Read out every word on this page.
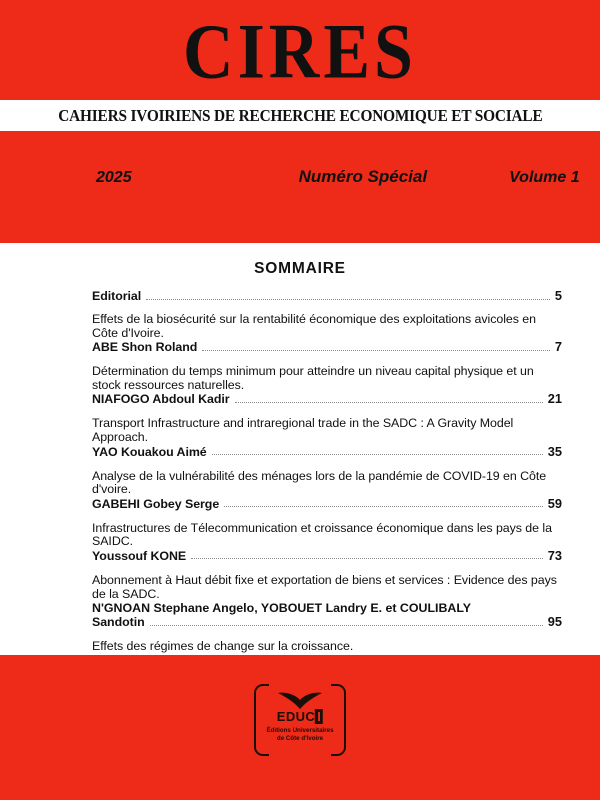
CIRES
CAHIERS IVOIRIENS DE RECHERCHE ECONOMIQUE ET SOCIALE
2025	Numéro Spécial	Volume 1
SOMMAIRE
Editorial	5
Effets de la biosécurité sur la rentabilité économique des exploitations avicoles en Côte d'Ivoire.
ABE Shon Roland	7
Détermination du temps minimum pour atteindre un niveau capital physique et un stock ressources naturelles.
NIAFOGO Abdoul Kadir	21
Transport Infrastructure and intraregional trade in the SADC : A Gravity Model Approach.
YAO Kouakou Aimé	35
Analyse de la vulnérabilité des ménages lors de la pandémie de COVID-19 en Côte d'voire.
GABEHI Gobey Serge	59
Infrastructures de Télecommunication et croissance économique dans les pays de la SAIDC.
Youssouf KONE	73
Abonnement à Haut débit fixe et exportation de biens et services : Evidence des pays de la SADC.
N'GNOAN Stephane Angelo, YOBOUET Landry E. et COULIBALY
Sandotin	95
Effets des régimes de change sur la croissance.
EDUC I
Éditions Universitaires
de Côte d'Ivoire
